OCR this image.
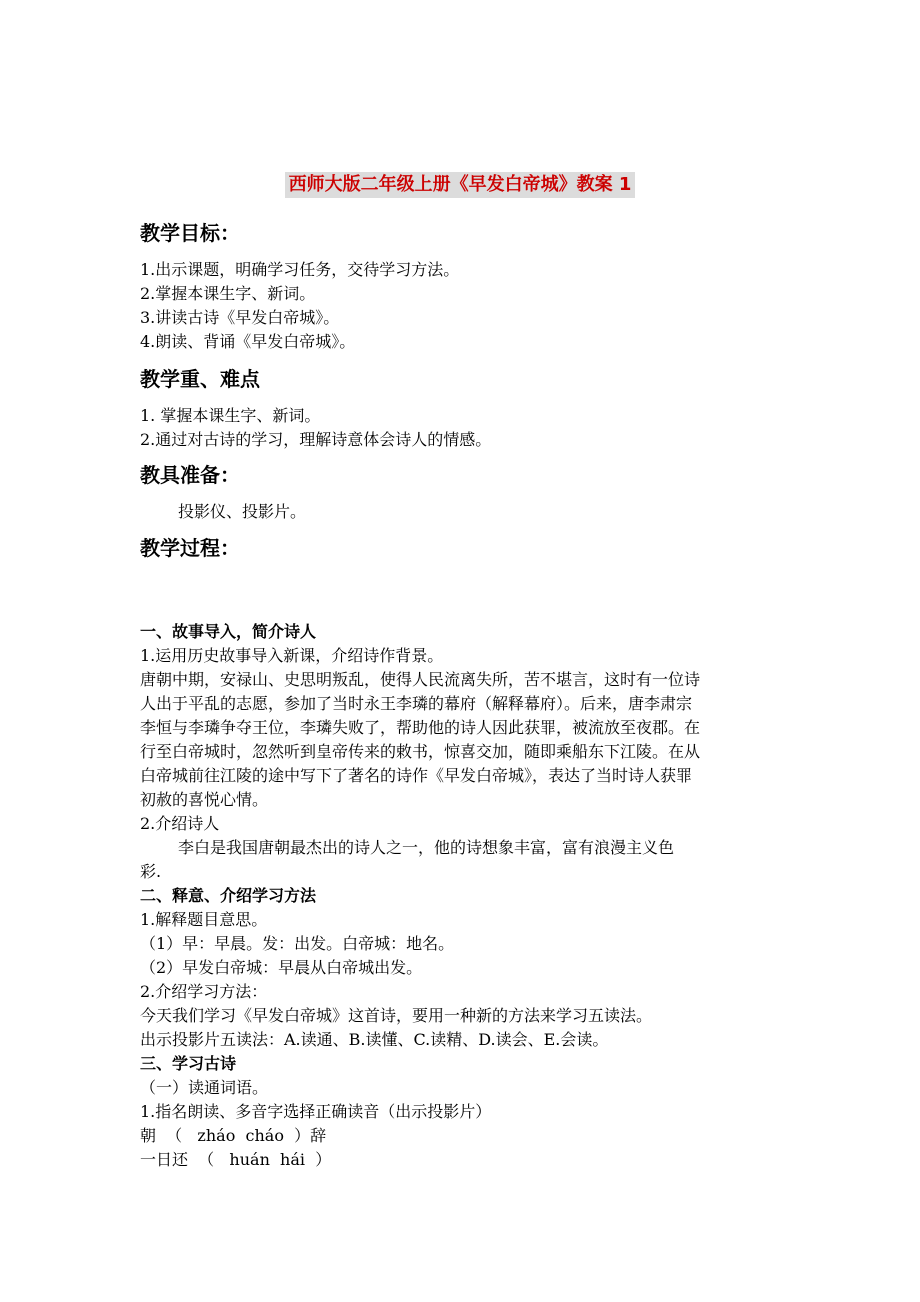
西师大版二年级上册《早发白帝城》教案 1
教学目标：
1.出示课题，明确学习任务，交待学习方法。
2.掌握本课生字、新词。
3.讲读古诗《早发白帝城》。
4.朗读、背诵《早发白帝城》。
教学重、难点
1. 掌握本课生字、新词。
2.通过对古诗的学习，理解诗意体会诗人的情感。
教具准备：
投影仪、投影片。
教学过程：
一、故事导入，简介诗人
1.运用历史故事导入新课，介绍诗作背景。
唐朝中期，安禄山、史思明叛乱，使得人民流离失所，苦不堪言，这时有一位诗
人出于平乱的志愿，参加了当时永王李璘的幕府（解释幕府）。后来，唐李肃宗
李恒与李璘争夺王位，李璘失败了，帮助他的诗人因此获罪，被流放至夜郡。在
行至白帝城时，忽然听到皇帝传来的敕书，惊喜交加，随即乘船东下江陵。在从
白帝城前往江陵的途中写下了著名的诗作《早发白帝城》，表达了当时诗人获罪
初赦的喜悦心情。
2.介绍诗人
李白是我国唐朝最杰出的诗人之一，他的诗想象丰富，富有浪漫主义色
彩.
二、释意、介绍学习方法
1.解释题目意思。
（1）早：早晨。发：出发。白帝城：地名。
（2）早发白帝城：早晨从白帝城出发。
2.介绍学习方法：
今天我们学习《早发白帝城》这首诗，要用一种新的方法来学习五读法。
出示投影片五读法：A.读通、B.读懂、C.读精、D.读会、E.会读。
三、学习古诗
（一）读通词语。
1.指名朗读、多音字选择正确读音（出示投影片）
朝  （   zháo  cháo  ）辞
一日还  （   huán  hái  ）
